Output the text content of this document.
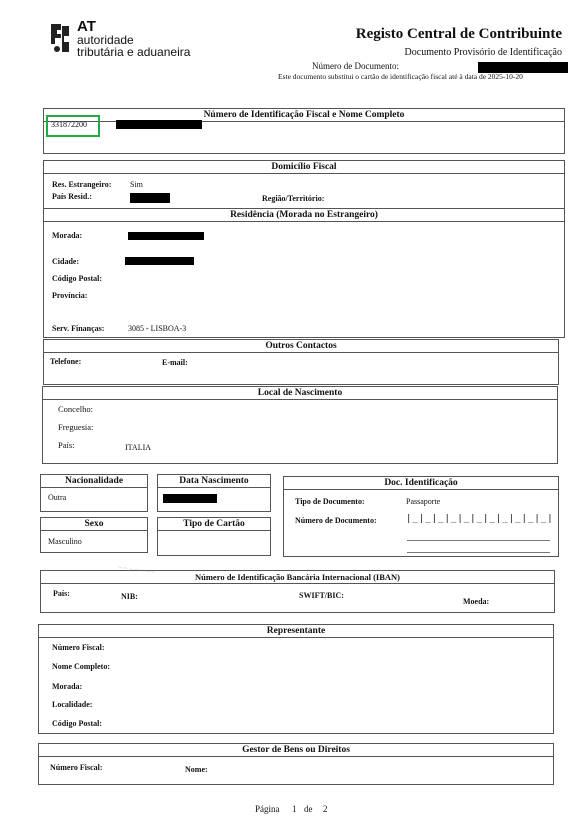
AT
autoridade
tributária e aduaneira
Registo Central de Contribuinte
Documento Provisório de Identificação
Número de Documento:
Este documento substitui o cartão de identificação fiscal até à data de 2025-10-20
Número de Identificação Fiscal e Nome Completo
331872200
Domicílio Fiscal
Residência (Morada no Estrangeiro)
Res. Estrangeiro: Sim
País Resid.:	Região/Território:
Morada:
Cidade:
Código Postal:
Província:
Serv. Finanças:	3085 - LISBOA-3
Outros Contactos
Telefone:	E-mail:
Local de Nascimento
Concelho:
Freguesia:
País:	ITALIA
Nacionalidade
Outra
Data Nascimento
Sexo
Masculino
Tipo de Cartão
Doc. Identificação
Tipo de Documento:	Passaporte
Número de Documento:	|_|_|_|_|_|_|_|_|_|_|_|
~ ~ ~ ~ ~ ~ ~
Número de Identificação Bancária Internacional (IBAN)
País:	NIB:	SWIFT/BIC:
Moeda:
Representante
Número Fiscal:
Nome Completo:
Morada:
Localidade:
Código Postal:
Gestor de Bens ou Direitos
Número Fiscal:	Nome:
Página 1 de 2
